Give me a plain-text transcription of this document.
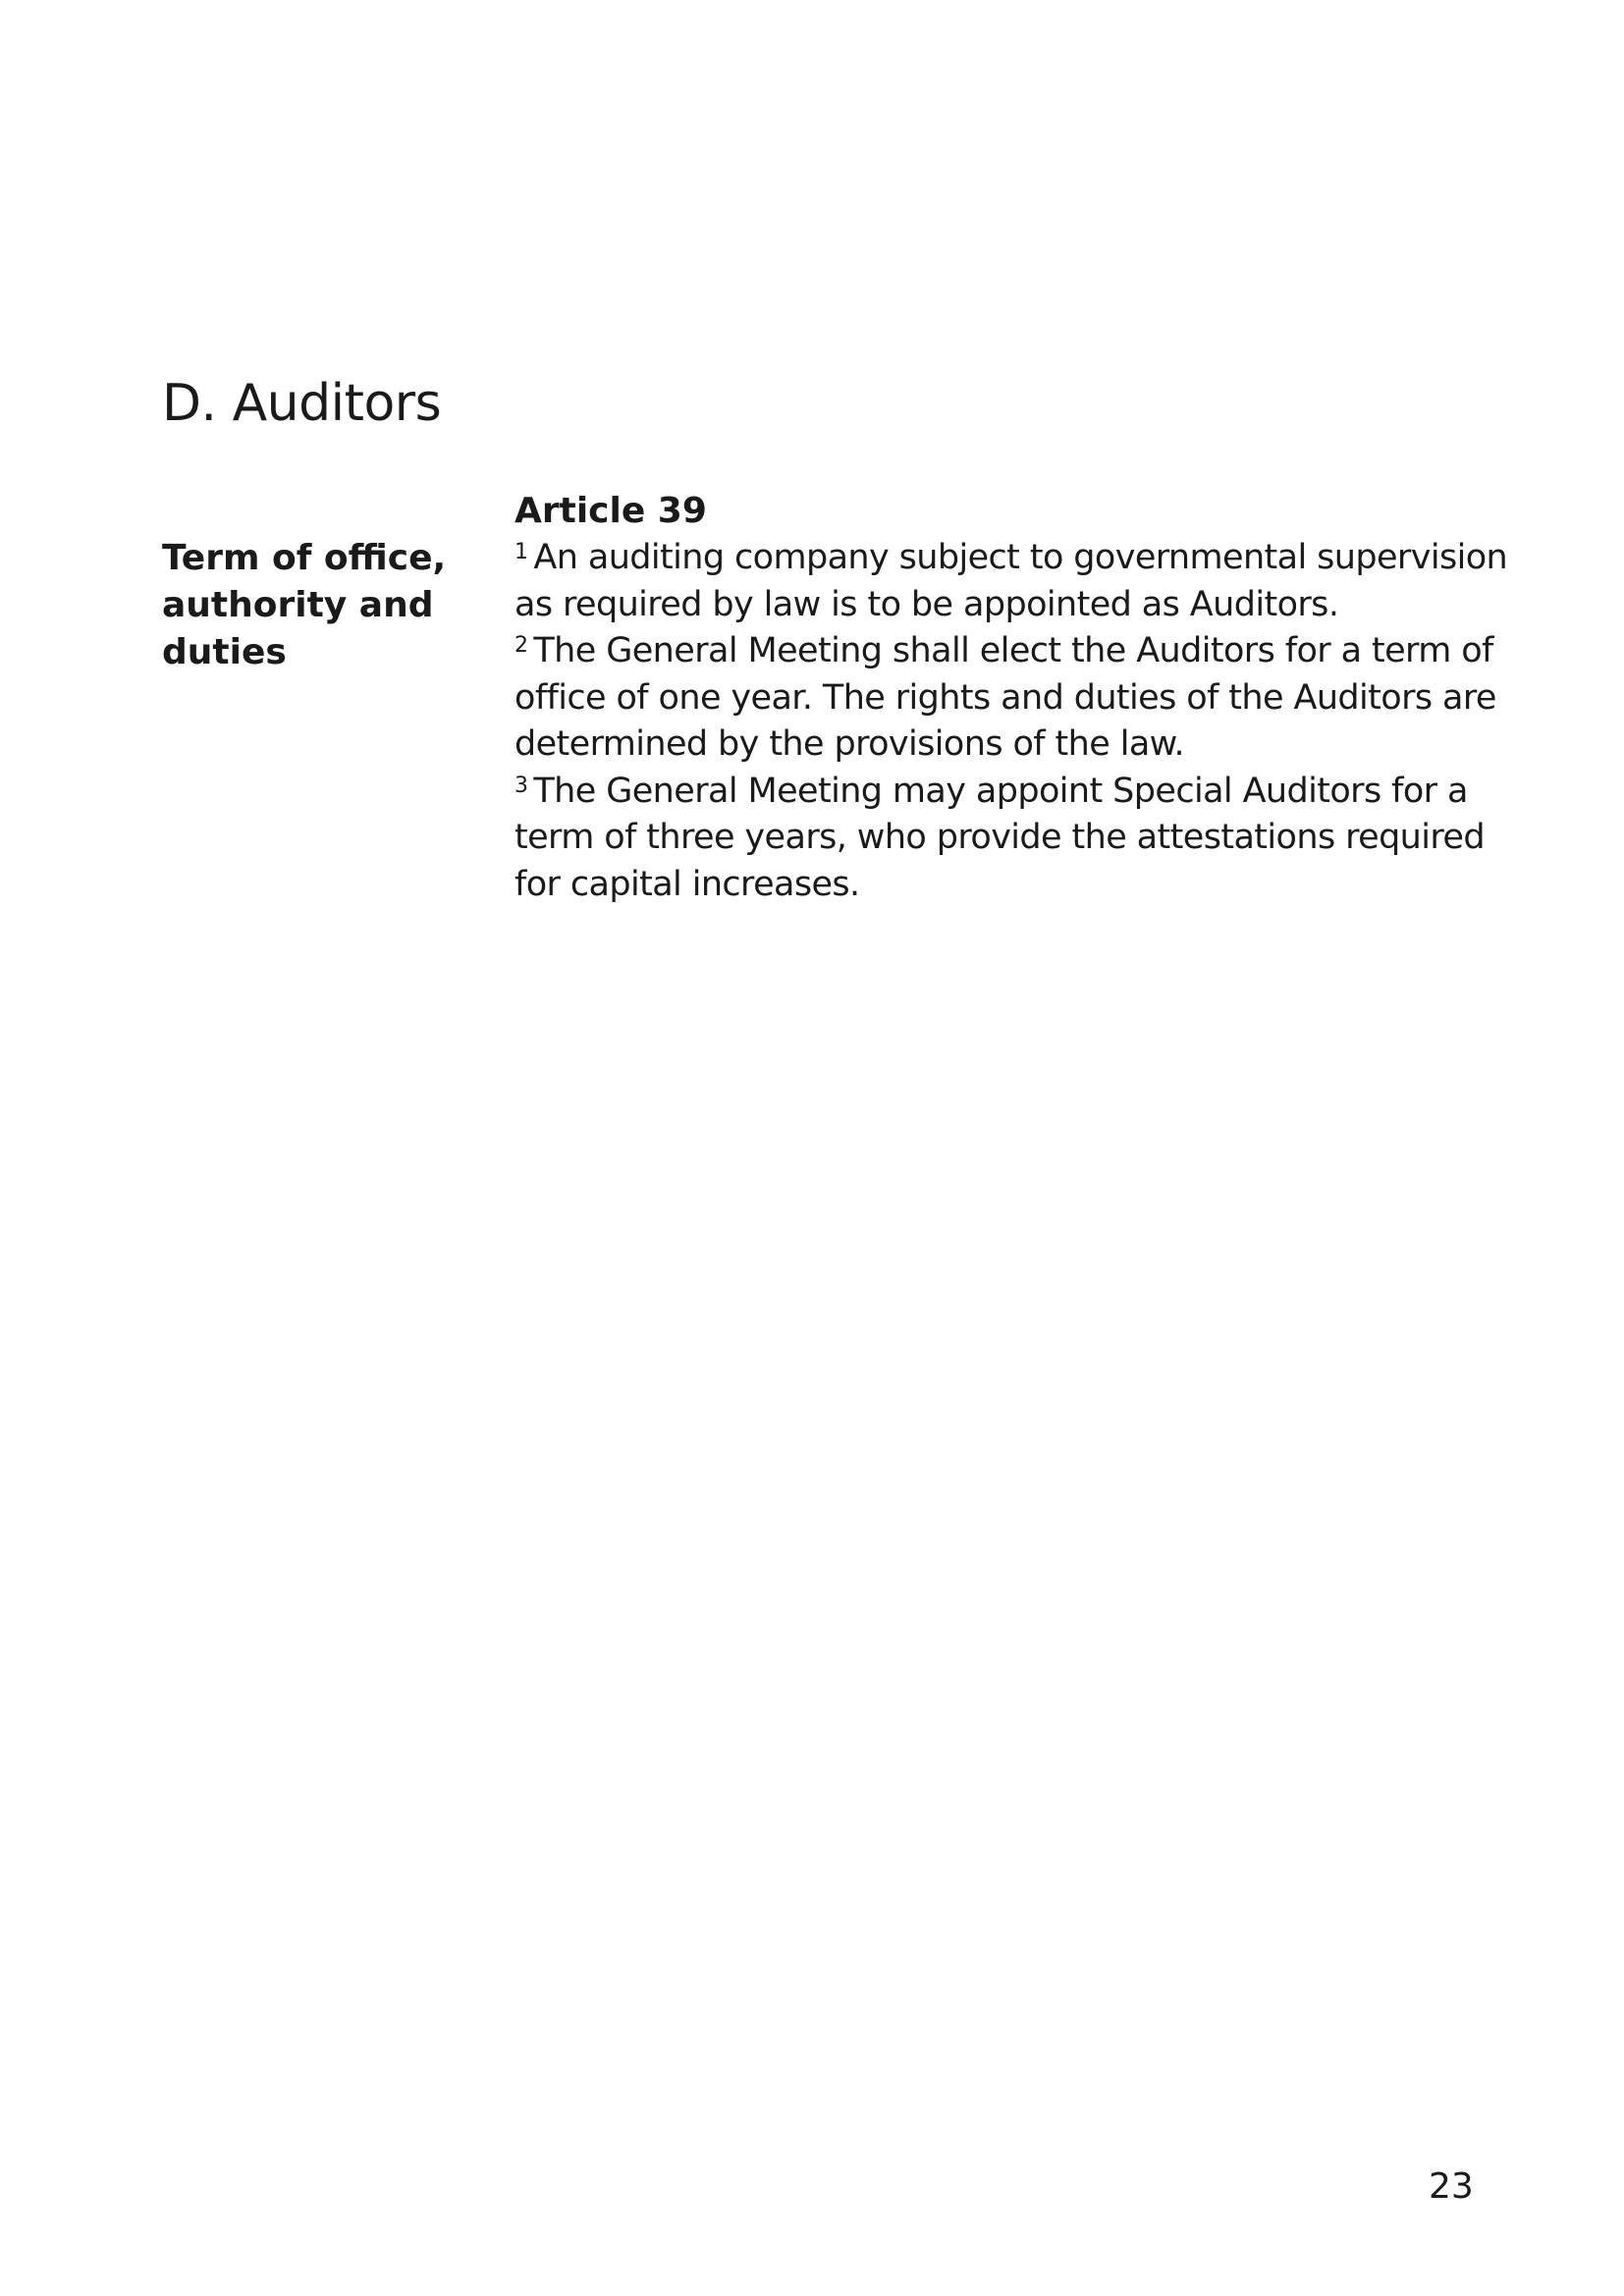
D. Auditors
Term of office,
authority and
duties

Article 39

$^1$ An auditing company subject to governmental supervision

as required by law is to be appointed as Auditors.

$^2$ The General Meeting shall elect the Auditors for a term of

office of one year. The rights and duties of the Auditors are

determined by the provisions of the law.

$^3$ The General Meeting may appoint Special Auditors for a

term of three years, who provide the attestations required

for capital increases.

23
